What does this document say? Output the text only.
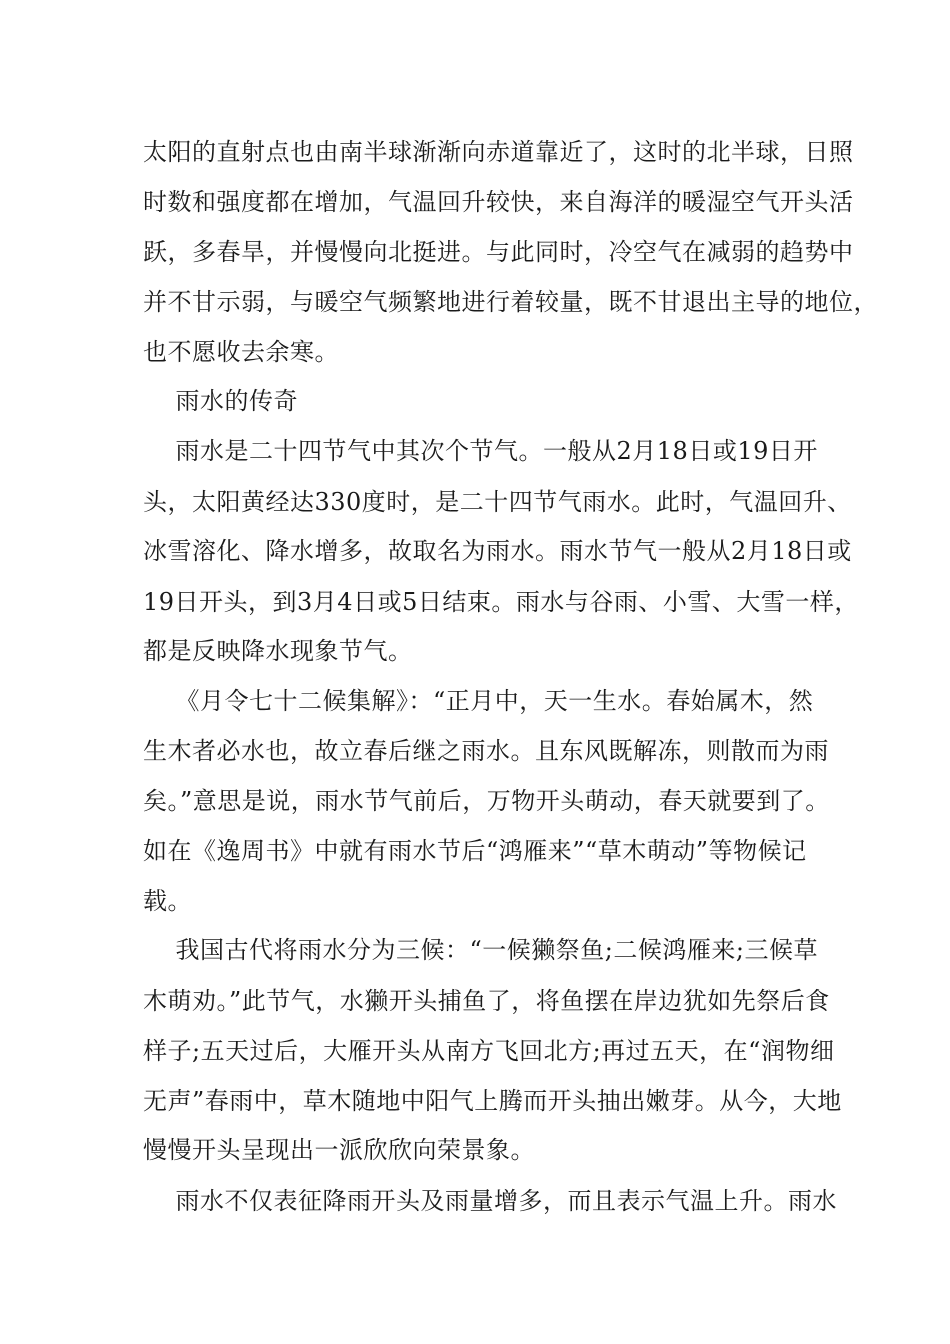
太阳的直射点也由南半球渐渐向赤道靠近了，这时的北半球，日照
时数和强度都在增加，气温回升较快，来自海洋的暖湿空气开头活
跃，多春旱，并慢慢向北挺进。与此同时，冷空气在减弱的趋势中
并不甘示弱，与暖空气频繁地进行着较量，既不甘退出主导的地位，
也不愿收去余寒。
雨水的传奇
雨水是二十四节气中其次个节气。一般从2月18日或19日开
头，太阳黄经达330度时，是二十四节气雨水。此时，气温回升、
冰雪溶化、降水增多，故取名为雨水。雨水节气一般从2月18日或
19日开头，到3月4日或5日结束。雨水与谷雨、小雪、大雪一样，
都是反映降水现象节气。
《月令七十二候集解》：“正月中，天一生水。春始属木，然
生木者必水也，故立春后继之雨水。且东风既解冻，则散而为雨
矣。”意思是说，雨水节气前后，万物开头萌动，春天就要到了。
如在《逸周书》中就有雨水节后“鸿雁来”“草木萌动”等物候记
载。
我国古代将雨水分为三候：“一候獭祭鱼;二候鸿雁来;三候草
木萌劝。”此节气，水獭开头捕鱼了，将鱼摆在岸边犹如先祭后食
样子;五天过后，大雁开头从南方飞回北方;再过五天，在“润物细
无声”春雨中，草木随地中阳气上腾而开头抽出嫩芽。从今，大地
慢慢开头呈现出一派欣欣向荣景象。
雨水不仅表征降雨开头及雨量增多，而且表示气温上升。雨水
